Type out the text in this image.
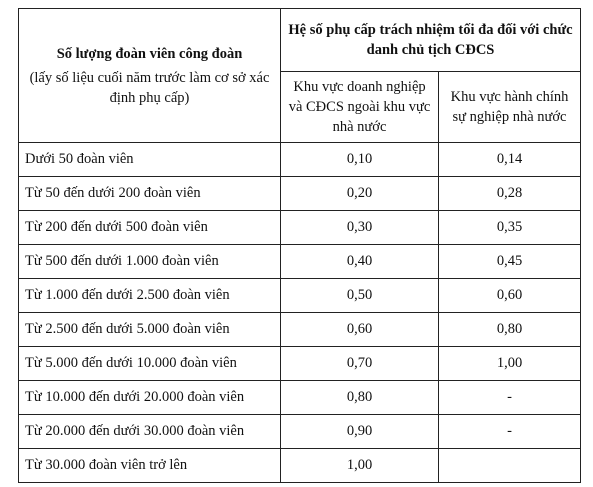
Số lượng đoàn viên công đoàn
(lấy số liệu cuối năm trước làm cơ sở xác định phụ cấp)	Hệ số phụ cấp trách nhiệm tối đa đối với chức danh chủ tịch CĐCS	
	Khu vực doanh nghiệp và CĐCS ngoài khu vực nhà nước	Khu vực hành chính sự nghiệp nhà nước
Dưới 50 đoàn viên	0,10	0,14
Từ 50 đến dưới 200 đoàn viên	0,20	0,28
Từ 200 đến dưới 500 đoàn viên	0,30	0,35
Từ 500 đến dưới 1.000 đoàn viên	0,40	0,45
Từ 1.000 đến dưới 2.500 đoàn viên	0,50	0,60
Từ 2.500 đến dưới 5.000 đoàn viên	0,60	0,80
Từ 5.000 đến dưới 10.000 đoàn viên	0,70	1,00
Từ 10.000 đến dưới 20.000 đoàn viên	0,80	-
Từ 20.000 đến dưới 30.000 đoàn viên	0,90	-
Từ 30.000 đoàn viên trở lên	1,00	
